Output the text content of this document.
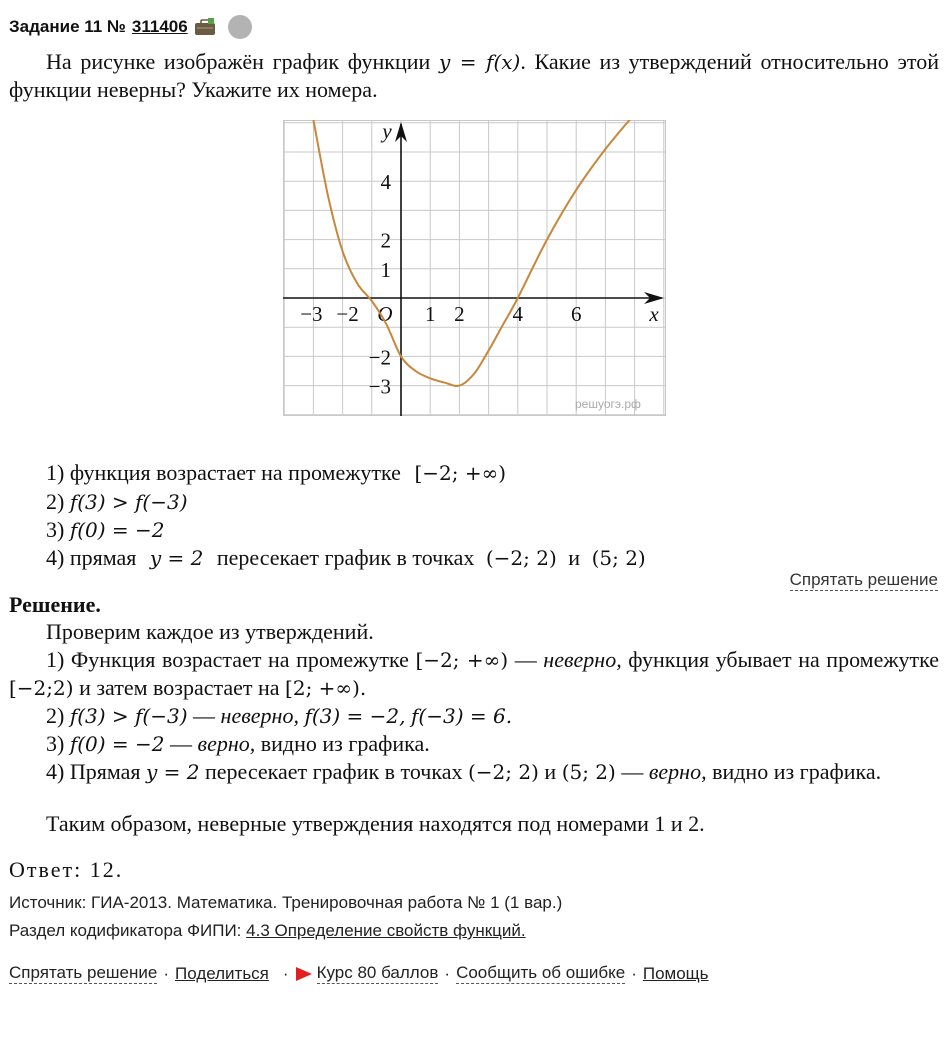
Задание 11 № 311406
На рисунке изображён график функции y = f(x). Какие из утверждений относительно этой функции неверны? Укажите их номера.
−3 −2 O 1 2 4 6
4
2
1
−2
−3
x
y
решуогэ.рф
1) функция возрастает на промежутке [−2; +∞)
2) f(3) > f(−3)
3) f(0) = −2
4) прямая y = 2 пересекает график в точках (−2; 2) и (5; 2)
Спрятать решение
Решение.
Проверим каждое из утверждений.
1) Функция возрастает на промежутке [−2; +∞) — неверно, функция убывает на промежутке [−2;2) и затем возрастает на [2; +∞).
2) f(3) > f(−3) — неверно, f(3) = −2, f(−3) = 6.
3) f(0) = −2 — верно, видно из графика.
4) Прямая y = 2 пересекает график в точках (−2; 2) и (5; 2) — верно, видно из графика.
Таким образом, неверные утверждения находятся под номерами 1 и 2.
Ответ: 12.
Источник: ГИА-2013. Математика. Тренировочная работа № 1 (1 вар.)
Раздел кодификатора ФИПИ: 4.3 Определение свойств функций.
Спрятать решение · Поделиться · Курс 80 баллов · Сообщить об ошибке · Помощь
